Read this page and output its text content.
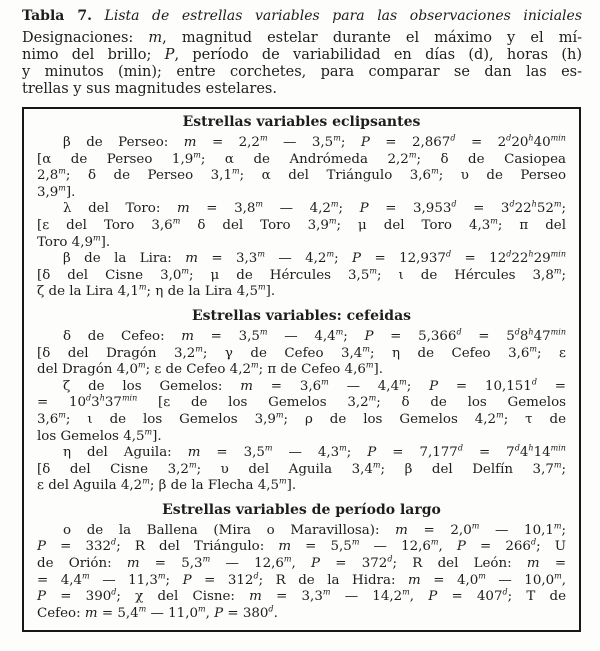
Tabla 7. Lista de estrellas variables para las observaciones iniciales
Designaciones: m, magnitud estelar durante el máximo y el mí-
nimo del brillo; P, período de variabilidad en días (d), horas (h)
y minutos (min); entre corchetes, para comparar se dan las es-
trellas y sus magnitudes estelares.
Estrellas variables eclipsantes
β de Perseo: $m = 2,2^m$ — 3,5$^m$; $P = 2,867^d = 2^d20^h40^{min}$
[α de Perseo 1,9$^m$; α de Andrómeda 2,2$^m$; δ de Casiopea
2,8$^m$; δ de Perseo 3,1$^m$; α del Triángulo 3,6$^m$; υ de Perseo
3,9$^m$].
λ del Toro: $m = 3,8^m$ — 4,2$^m$; $P = 3,953^d = 3^d22^h52^m$;
[ε del Toro 3,6$^m$ δ del Toro 3,9$^m$; μ del Toro 4,3$^m$; π del
Toro 4,9$^m$].
β de la Lira: $m = 3,3^m$ — 4,2$^m$; $P = 12,937^d = 12^d22^h29^{min}$
[δ del Cisne 3,0$^m$; μ de Hércules 3,5$^m$; ι de Hércules 3,8$^m$;
ζ de la Lira 4,1$^m$; η de la Lira 4,5$^m$].
Estrellas variables: cefeidas
δ de Cefeo: $m = 3,5^m$ — 4,4$^m$; $P = 5,366^d = 5^d8^h47^{min}$
[δ del Dragón 3,2$^m$; γ de Cefeo 3,4$^m$; η de Cefeo 3,6$^m$; ε
del Dragón 4,0$^m$; ε de Cefeo 4,2$^m$; π de Cefeo 4,6$^m$].
ζ de los Gemelos: $m = 3,6^m$ — 4,4$^m$; P = 10,151$^d$ =
= $10^d3^h37^{min}$ [ε de los Gemelos 3,2$^m$; δ de los Gemelos
3,6$^m$; ι de los Gemelos 3,9$^m$; ρ de los Gemelos 4,2$^m$; τ de
los Gemelos 4,5$^m$].
η del Aguila: $m = 3,5^m$ — 4,3$^m$; $P = 7,177^d = 7^d4^h14^{min}$
[δ del Cisne 3,2$^m$; υ del Aguila 3,4$^m$; β del Delfín 3,7$^m$;
ε del Aguila 4,2$^m$; β de la Flecha 4,5$^m$].
Estrellas variables de período largo
o de la Ballena (Mira o Maravillosa): $m = 2,0^m$ — 10,1$^m$;
$P = 332^d$; R del Triángulo: $m = 5,5^m$ — 12,6$^m$, $P = 266^d$; U
de Orión: $m = 5,3^m$ — 12,6$^m$, $P = 372^d$; R del León: m =
= $4,4^m$ — 11,3$^m$; $P = 312^d$; R de la Hidra: $m = 4,0^m$ — 10,0$^m$,
$P = 390^d$; χ del Cisne: $m = 3,3^m$ — 14,2$^m$, $P = 407^d$; T de
Cefeo: $m = 5,4^m$ — 11,0$^m$, $P = 380^d$.
